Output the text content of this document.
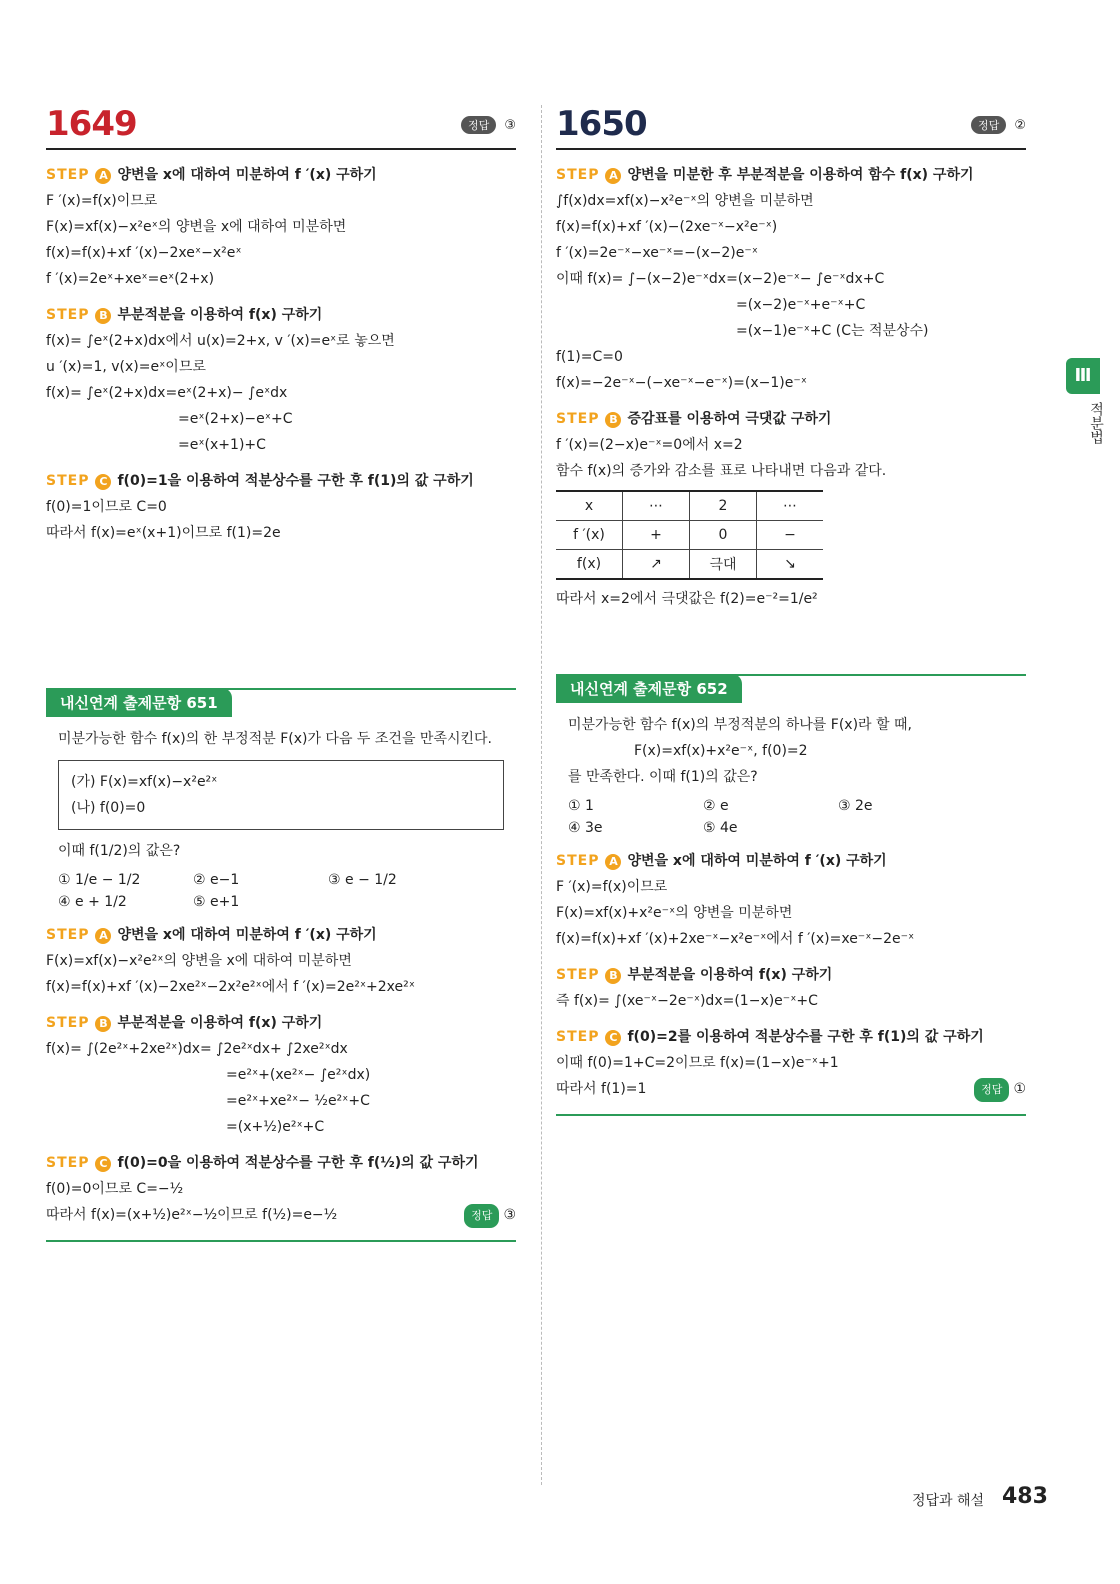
1649	정답 ③
STEP A 양변을 x에 대하여 미분하여 f ′(x) 구하기
F ′(x)=f(x)이므로
F(x)=xf(x)−x²eˣ의 양변을 x에 대하여 미분하면
f(x)=f(x)+xf ′(x)−2xeˣ−x²eˣ
f ′(x)=2eˣ+xeˣ=eˣ(2+x)
STEP B 부분적분을 이용하여 f(x) 구하기
f(x)= ∫eˣ(2+x)dx에서 u(x)=2+x, v ′(x)=eˣ로 놓으면
u ′(x)=1, v(x)=eˣ이므로
f(x)= ∫eˣ(2+x)dx=eˣ(2+x)− ∫eˣdx
=eˣ(2+x)−eˣ+C
=eˣ(x+1)+C
STEP C f(0)=1을 이용하여 적분상수를 구한 후 f(1)의 값 구하기
f(0)=1이므로 C=0
따라서 f(x)=eˣ(x+1)이므로 f(1)=2e
내신연계 출제문항 651
미분가능한 함수 f(x)의 한 부정적분 F(x)가 다음 두 조건을 만족시킨다.
(가) F(x)=xf(x)−x²e²ˣ
(나) f(0)=0
이때 f(1/2)의 값은?
① 1/e − 1/2	② e−1	③ e − 1/2
④ e + 1/2	⑤ e+1
STEP A 양변을 x에 대하여 미분하여 f ′(x) 구하기
F(x)=xf(x)−x²e²ˣ의 양변을 x에 대하여 미분하면
f(x)=f(x)+xf ′(x)−2xe²ˣ−2x²e²ˣ에서 f ′(x)=2e²ˣ+2xe²ˣ
STEP B 부분적분을 이용하여 f(x) 구하기
f(x)= ∫(2e²ˣ+2xe²ˣ)dx= ∫2e²ˣdx+ ∫2xe²ˣdx
=e²ˣ+(xe²ˣ− ∫e²ˣdx)
=e²ˣ+xe²ˣ− ½e²ˣ+C
=(x+½)e²ˣ+C
STEP C f(0)=0을 이용하여 적분상수를 구한 후 f(½)의 값 구하기
f(0)=0이므로 C=−½
따라서 f(x)=(x+½)e²ˣ−½이므로 f(½)=e−½	정답 ③
1650	정답 ②
STEP A 양변을 미분한 후 부분적분을 이용하여 함수 f(x) 구하기
∫f(x)dx=xf(x)−x²e⁻ˣ의 양변을 미분하면
f(x)=f(x)+xf ′(x)−(2xe⁻ˣ−x²e⁻ˣ)
f ′(x)=2e⁻ˣ−xe⁻ˣ=−(x−2)e⁻ˣ
이때 f(x)= ∫−(x−2)e⁻ˣdx=(x−2)e⁻ˣ− ∫e⁻ˣdx+C
=(x−2)e⁻ˣ+e⁻ˣ+C
=(x−1)e⁻ˣ+C (C는 적분상수)
f(1)=C=0
f(x)=−2e⁻ˣ−(−xe⁻ˣ−e⁻ˣ)=(x−1)e⁻ˣ
STEP B 증감표를 이용하여 극댓값 구하기
f ′(x)=(2−x)e⁻ˣ=0에서 x=2
함수 f(x)의 증가와 감소를 표로 나타내면 다음과 같다.
x	⋯	2	⋯
f ′(x)	+	0	−
f(x)	↗	극대	↘
따라서 x=2에서 극댓값은 f(2)=e⁻²=1/e²
내신연계 출제문항 652
미분가능한 함수 f(x)의 부정적분의 하나를 F(x)라 할 때,
F(x)=xf(x)+x²e⁻ˣ, f(0)=2
를 만족한다. 이때 f(1)의 값은?
① 1	② e	③ 2e
④ 3e	⑤ 4e
STEP A 양변을 x에 대하여 미분하여 f ′(x) 구하기
F ′(x)=f(x)이므로
F(x)=xf(x)+x²e⁻ˣ의 양변을 미분하면
f(x)=f(x)+xf ′(x)+2xe⁻ˣ−x²e⁻ˣ에서 f ′(x)=xe⁻ˣ−2e⁻ˣ
STEP B 부분적분을 이용하여 f(x) 구하기
즉 f(x)= ∫(xe⁻ˣ−2e⁻ˣ)dx=(1−x)e⁻ˣ+C
STEP C f(0)=2를 이용하여 적분상수를 구한 후 f(1)의 값 구하기
이때 f(0)=1+C=2이므로 f(x)=(1−x)e⁻ˣ+1
따라서 f(1)=1	정답 ①
Ⅲ
적분법
정답과 해설 483
